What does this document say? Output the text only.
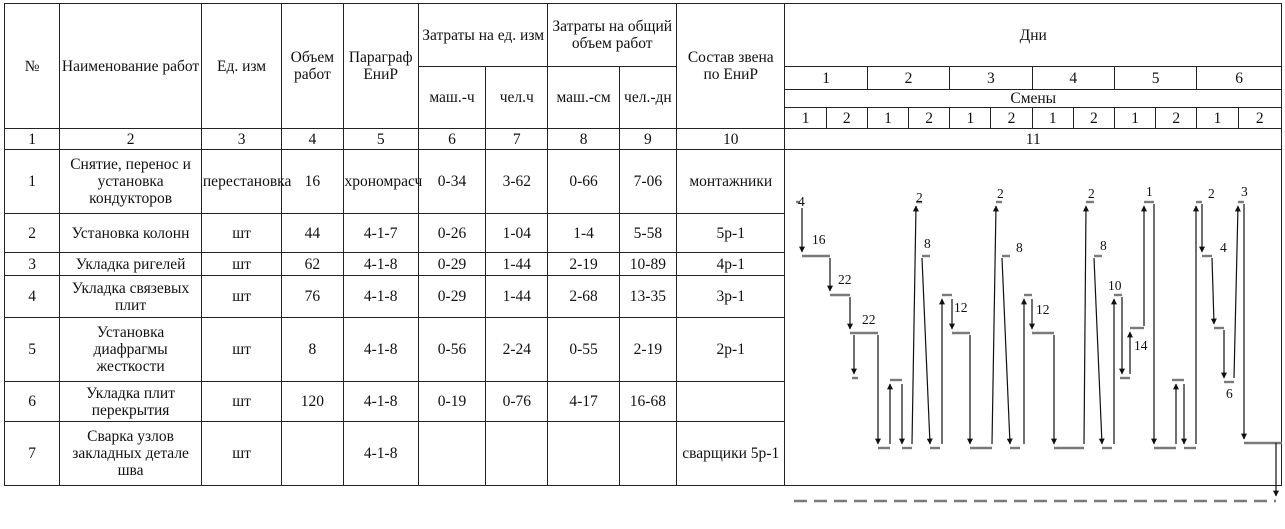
№	Наименование работ	Ед. изм	Объем работ	Параграф ЕниР	Затраты на ед. изм		Затраты на общий объем работ		Состав звена по ЕниР	Дни											
					маш.-ч	чел.ч	маш.-см	чел.-дн		1		2		3		4		5		6	
										Смены											
										1	2	1	2	1	2	1	2	1	2	1	2
1	2	3	4	5	6	7	8	9	10	11											
1	Снятие, перенос и установка кондукторов	перестановка	16	хрономрасч	0-34	3-62	0-66	7-06	монтажники												
2	Установка колонн	шт	44	4-1-7	0-26	1-04	1-4	5-58	5р-1												
3	Укладка ригелей	шт	62	4-1-8	0-29	1-44	2-19	10-89	4р-1												
4	Укладка связевых плит	шт	76	4-1-8	0-29	1-44	2-68	13-35	3р-1												
5	Установка диафрагмы жесткости	шт	8	4-1-8	0-56	2-24	0-55	2-19	2р-1												
6	Укладка плит перекрытия	шт	120	4-1-8	0-19	0-76	4-17	16-68													
7	Сварка узлов закладных детале шва	шт		4-1-8					сварщики 5р-1												
4
16
22
22
2
8
12
2
8
12
2
8
10
14
1	2
4
6
3
